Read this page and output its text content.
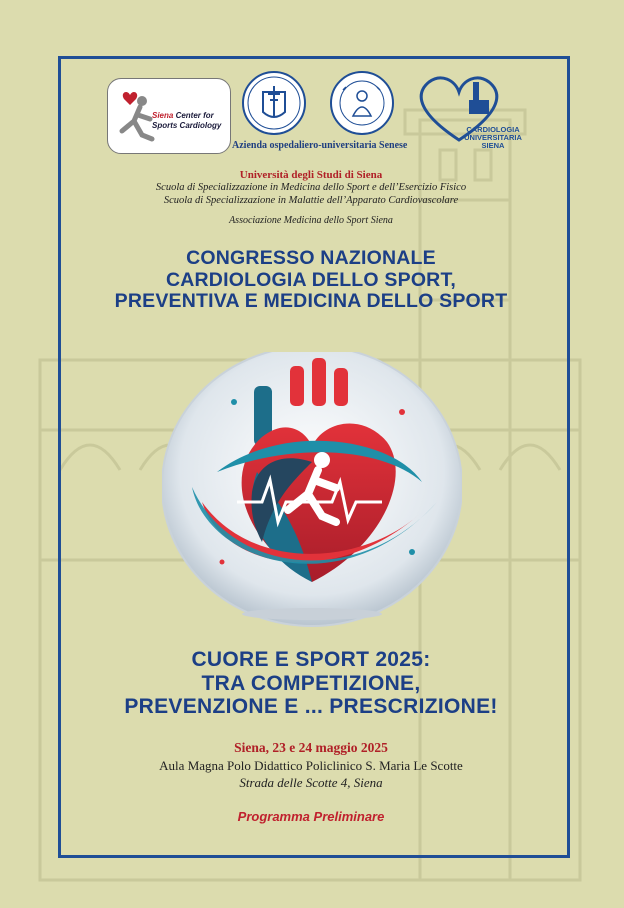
Siena Center for
Sports Cardiology	CARDIOLOGIA
UNIVERSITARIA
SIENA
Azienda ospedaliero-universitaria Senese
Università degli Studi di Siena
Scuola di Specializzazione in Medicina dello Sport e dell’Esercizio Fisico
Scuola di Specializzazione in Malattie dell’Apparato Cardiovascolare
Associazione Medicina dello Sport Siena
CONGRESSO NAZIONALE
CARDIOLOGIA DELLO SPORT,
PREVENTIVA E MEDICINA DELLO SPORT
CUORE E SPORT 2025:
TRA COMPETIZIONE,
PREVENZIONE E ... PRESCRIZIONE!
Siena, 23 e 24 maggio 2025
Aula Magna Polo Didattico Policlinico S. Maria Le Scotte
Strada delle Scotte 4, Siena
Programma Preliminare
